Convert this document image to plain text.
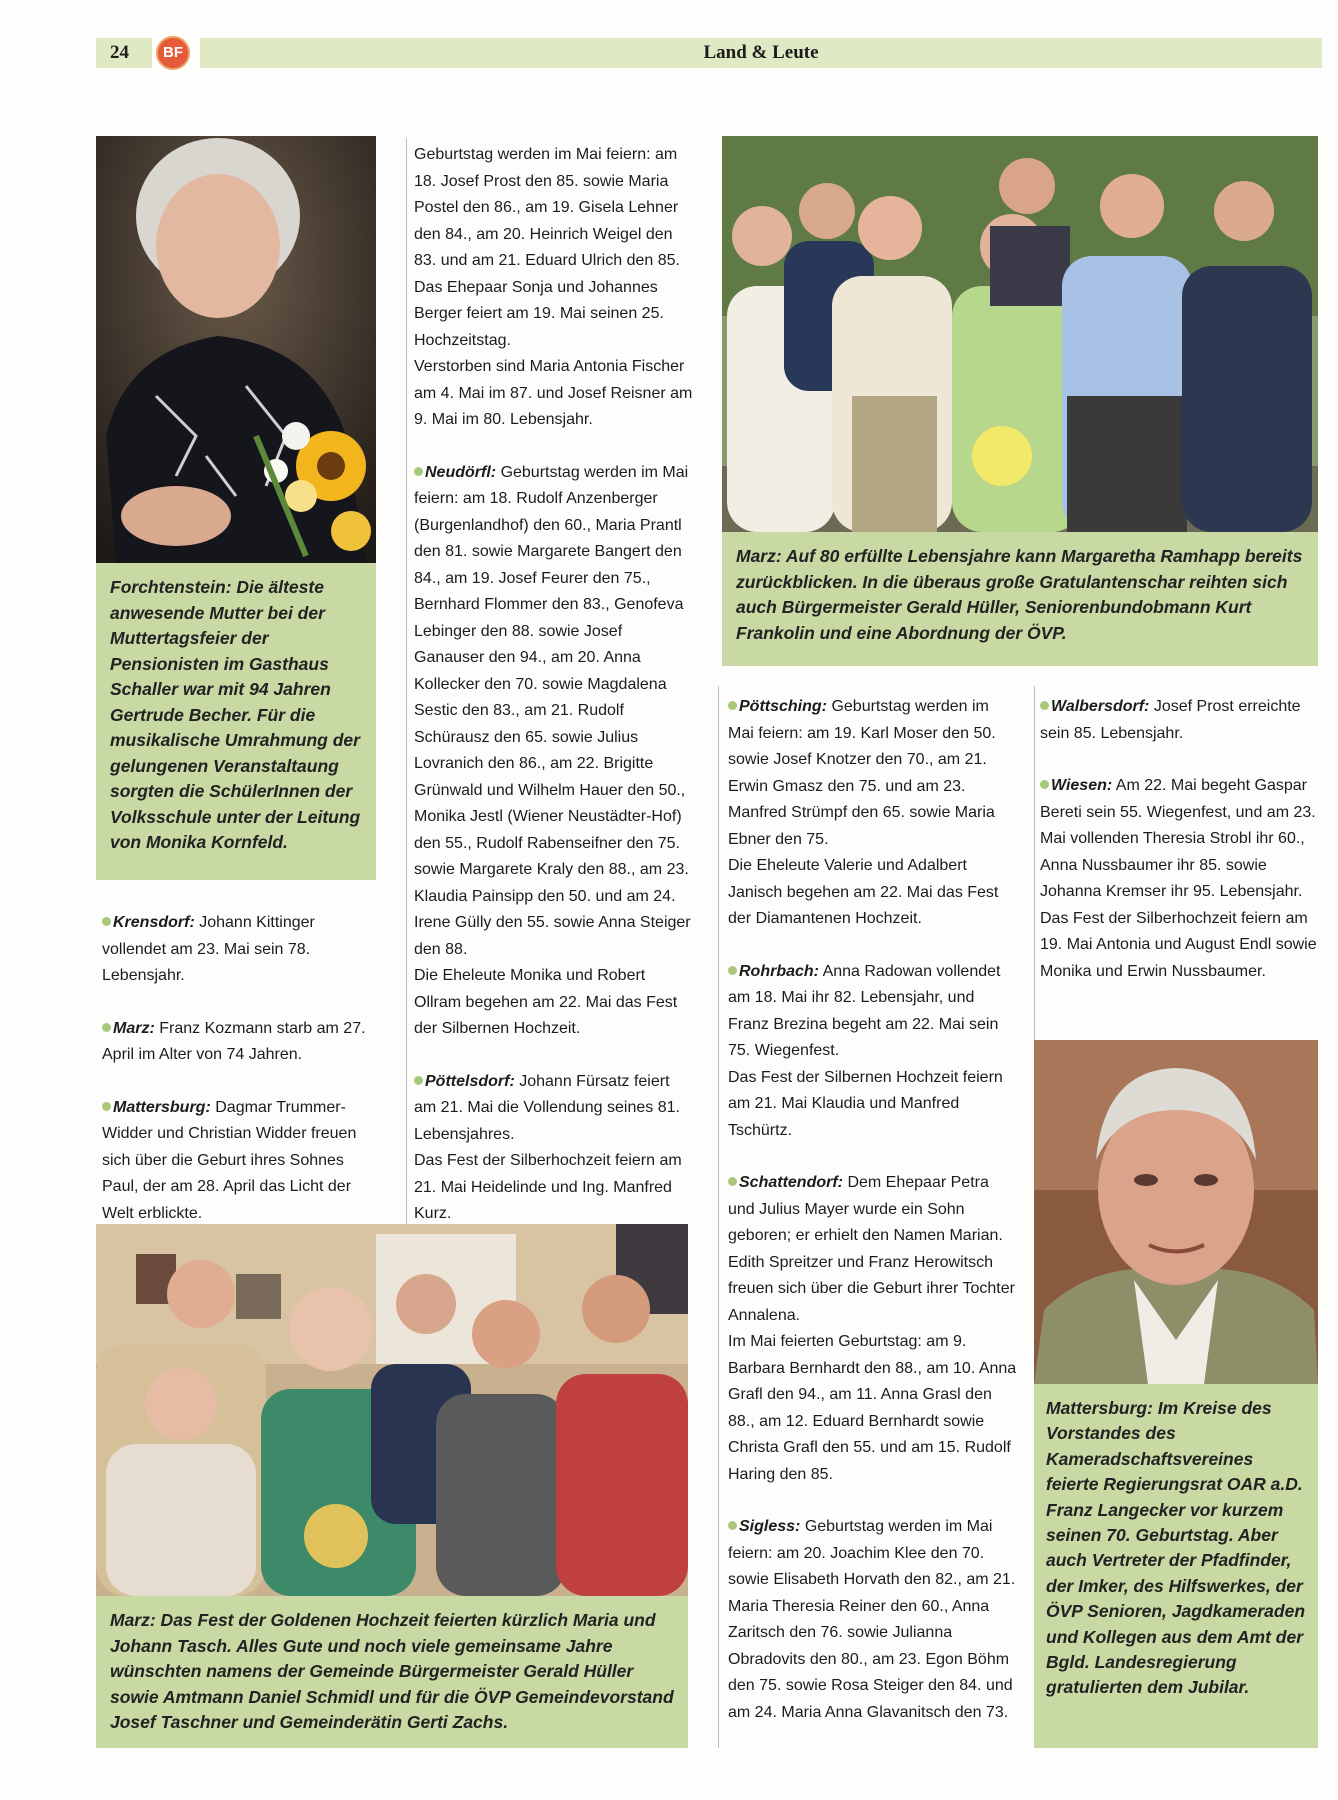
24	BF	Land & Leute
Forchtenstein: Die älteste anwesende Mutter bei der Muttertagsfeier der Pensionisten im Gasthaus Schaller war mit 94 Jahren Gertrude Becher. Für die musikalische Umrahmung der gelungenen Veranstaltaung sorgten die SchülerInnen der Volksschule unter der Leitung von Monika Kornfeld.

Krensdorf: Johann Kittinger vollendet am 23. Mai sein 78. Lebensjahr.

Marz: Franz Kozmann starb am 27. April im Alter von 74 Jahren.

Mattersburg: Dagmar Trummer-Widder und Christian Widder freuen sich über die Geburt ihres Sohnes Paul, der am 28. April das Licht der Welt erblickte.

Geburtstag werden im Mai feiern: am 18. Josef Prost den 85. sowie Maria Postel den 86., am 19. Gisela Lehner den 84., am 20. Heinrich Weigel den 83. und am 21. Eduard Ulrich den 85. Das Ehepaar Sonja und Johannes Berger feiert am 19. Mai seinen 25. Hochzeitstag.

Verstorben sind Maria Antonia Fischer am 4. Mai im 87. und Josef Reisner am 9. Mai im 80. Lebensjahr.

Neudörfl: Geburtstag werden im Mai feiern: am 18. Rudolf Anzenberger (Burgenlandhof) den 60., Maria Prantl den 81. sowie Margarete Bangert den 84., am 19. Josef Feurer den 75., Bernhard Flommer den 83., Genofeva Lebinger den 88. sowie Josef Ganauser den 94., am 20. Anna Kollecker den 70. sowie Magdalena Sestic den 83., am 21. Rudolf Schürausz den 65. sowie Julius Lovranich den 86., am 22. Brigitte Grünwald und Wilhelm Hauer den 50., Monika Jestl (Wiener Neustädter-Hof) den 55., Rudolf Rabenseifner den 75. sowie Margarete Kraly den 88., am 23. Klaudia Painsipp den 50. und am 24. Irene Güllу den 55. sowie Anna Steiger den 88.

Die Eheleute Monika und Robert Ollram begehen am 22. Mai das Fest der Silbernen Hochzeit.

Pöttelsdorf: Johann Fürsatz feiert am 21. Mai die Vollendung seines 81. Lebensjahres.

Das Fest der Silberhochzeit feiern am 21. Mai Heidelinde und Ing. Manfred Kurz.

Marz: Auf 80 erfüllte Lebensjahre kann Margaretha Ramhapp bereits zurückblicken. In die überaus große Gratulantenschar reihten sich auch Bürgermeister Gerald Hüller, Seniorenbundobmann Kurt Frankolin und eine Abordnung der ÖVP.

Pöttsching: Geburtstag werden im Mai feiern: am 19. Karl Moser den 50. sowie Josef Knotzer den 70., am 21. Erwin Gmasz den 75. und am 23. Manfred Strümpf den 65. sowie Maria Ebner den 75.

Die Eheleute Valerie und Adalbert Janisch begehen am 22. Mai das Fest der Diamantenen Hochzeit.

Rohrbach: Anna Radowan vollendet am 18. Mai ihr 82. Lebensjahr, und Franz Brezina begeht am 22. Mai sein 75. Wiegenfest.

Das Fest der Silbernen Hochzeit feiern am 21. Mai Klaudia und Manfred Tschürtz.

Schattendorf: Dem Ehepaar Petra und Julius Mayer wurde ein Sohn geboren; er erhielt den Namen Marian. Edith Spreitzer und Franz Herowitsch freuen sich über die Geburt ihrer Tochter Annalena.

Im Mai feierten Geburtstag: am 9. Barbara Bernhardt den 88., am 10. Anna Grafl den 94., am 11. Anna Grasl den 88., am 12. Eduard Bernhardt sowie Christa Grafl den 55. und am 15. Rudolf Haring den 85.

Sigless: Geburtstag werden im Mai feiern: am 20. Joachim Klee den 70. sowie Elisabeth Horvath den 82., am 21. Maria Theresia Reiner den 60., Anna Zaritsch den 76. sowie Julianna Obradovits den 80., am 23. Egon Böhm den 75. sowie Rosa Steiger den 84. und am 24. Maria Anna Glavanitsch den 73.

Walbersdorf: Josef Prost erreichte sein 85. Lebensjahr.

Wiesen: Am 22. Mai begeht Gaspar Bereti sein 55. Wiegenfest, und am 23. Mai vollenden Theresia Strobl ihr 60., Anna Nussbaumer ihr 85. sowie Johanna Kremser ihr 95. Lebensjahr.

Das Fest der Silberhochzeit feiern am 19. Mai Antonia und August Endl sowie Monika und Erwin Nussbaumer.

Mattersburg: Im Kreise des Vorstandes des Kameradschaftsvereines feierte Regierungsrat OAR a.D. Franz Langecker vor kurzem seinen 70. Geburtstag. Aber auch Vertreter der Pfadfinder, der Imker, des Hilfswerkes, der ÖVP Senioren, Jagdkameraden und Kollegen aus dem Amt der Bgld. Landesregierung gratulierten dem Jubilar.
Marz: Das Fest der Goldenen Hochzeit feierten kürzlich Maria und Johann Tasch. Alles Gute und noch viele gemeinsame Jahre wünschten namens der Gemeinde Bürgermeister Gerald Hüller sowie Amtmann Daniel Schmidl und für die ÖVP Gemeindevorstand Josef Taschner und Gemeinderätin Gerti Zachs.
